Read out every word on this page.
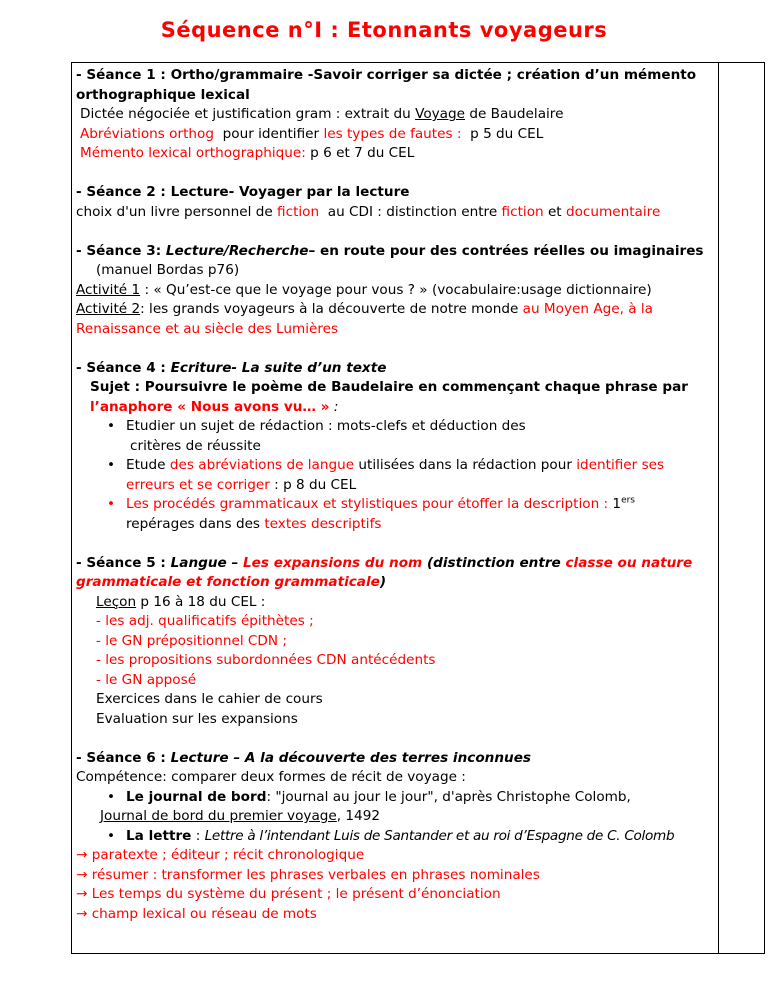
Séquence n°I : Etonnants voyageurs
- Séance 1 : Ortho/grammaire -Savoir corriger sa dictée ; création d’un mémento orthographique lexical
Dictée négociée et justification gram : extrait du Voyage de Baudelaire
Abréviations orthog  pour identifier les types de fautes :  p 5 du CEL
Mémento lexical orthographique: p 6 et 7 du CEL
- Séance 2 : Lecture- Voyager par la lecture
choix d'un livre personnel de fiction  au CDI : distinction entre fiction et documentaire
- Séance 3: Lecture/Recherche– en route pour des contrées réelles ou imaginaires
(manuel Bordas p76)
Activité 1 : « Qu’est-ce que le voyage pour vous ? » (vocabulaire:usage dictionnaire)
Activité 2: les grands voyageurs à la découverte de notre monde au Moyen Age, à la
Renaissance et au siècle des Lumières
- Séance 4 : Ecriture- La suite d’un texte
Sujet : Poursuivre le poème de Baudelaire en commençant chaque phrase par
l’anaphore « Nous avons vu… » :
• Etudier un sujet de rédaction : mots-clefs et déduction des
critères de réussite
• Etude des abréviations de langue utilisées dans la rédaction pour identifier ses
erreurs et se corriger : p 8 du CEL
• Les procédés grammaticaux et stylistiques pour étoffer la description : 1ers
repérages dans des textes descriptifs
- Séance 5 : Langue – Les expansions du nom (distinction entre classe ou nature
grammaticale et fonction grammaticale)
Leçon p 16 à 18 du CEL :
- les adj. qualificatifs épithètes ;
- le GN prépositionnel CDN ;
- les propositions subordonnées CDN antécédents
- le GN apposé
Exercices dans le cahier de cours
Evaluation sur les expansions
- Séance 6 : Lecture – A la découverte des terres inconnues
Compétence: comparer deux formes de récit de voyage :
• Le journal de bord: "journal au jour le jour", d'après Christophe Colomb,
Journal de bord du premier voyage, 1492
• La lettre : Lettre à l’intendant Luis de Santander et au roi d’Espagne de C. Colomb
→ paratexte ; éditeur ; récit chronologique
→ résumer : transformer les phrases verbales en phrases nominales
→ Les temps du système du présent ; le présent d’énonciation
→ champ lexical ou réseau de mots
